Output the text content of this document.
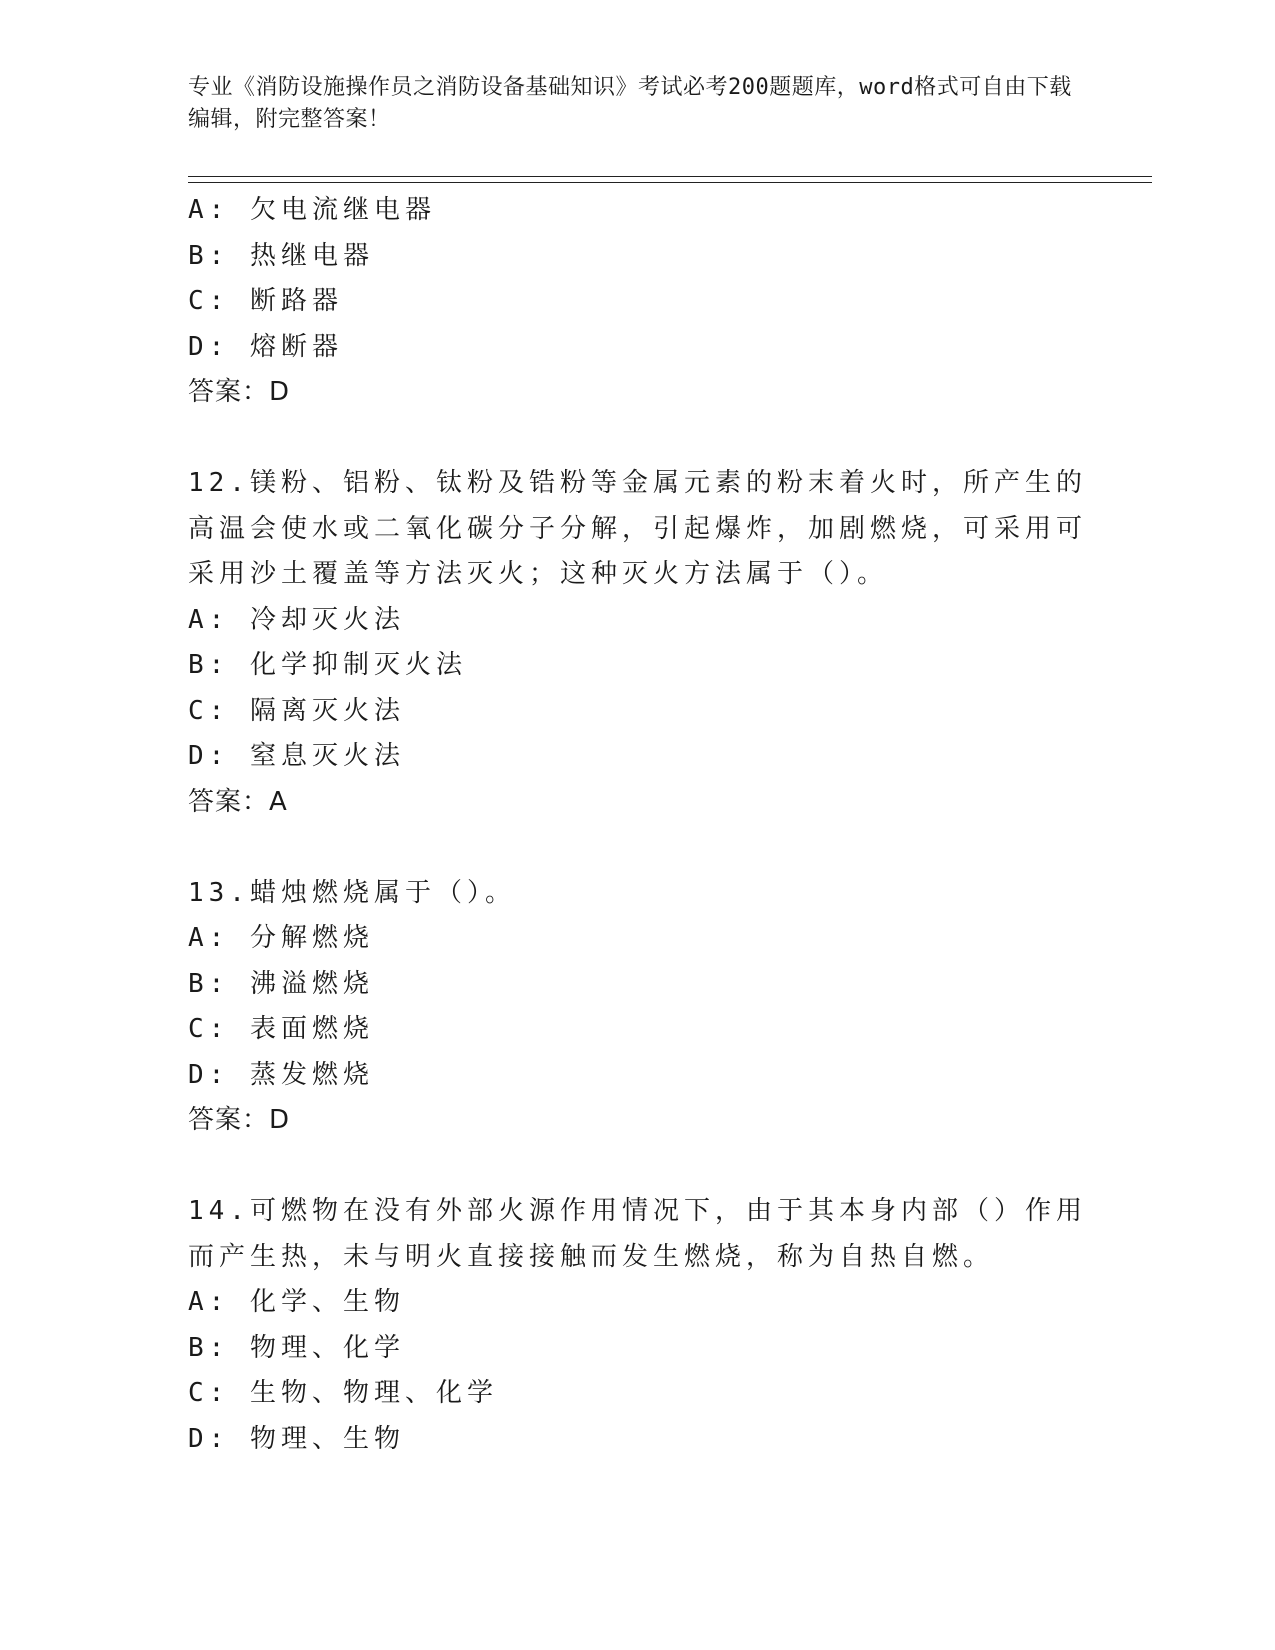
专业《消防设施操作员之消防设备基础知识》考试必考200题题库，word格式可自由下载编辑，附完整答案！
A: 欠电流继电器
B: 热继电器
C: 断路器
D: 熔断器
答案：D
12.镁粉、铝粉、钛粉及锆粉等金属元素的粉末着火时，所产生的高温会使水或二氧化碳分子分解，引起爆炸，加剧燃烧，可采用可采用沙土覆盖等方法灭火；这种灭火方法属于（）。
A: 冷却灭火法
B: 化学抑制灭火法
C: 隔离灭火法
D: 窒息灭火法
答案：A
13.蜡烛燃烧属于（）。
A: 分解燃烧
B: 沸溢燃烧
C: 表面燃烧
D: 蒸发燃烧
答案：D
14.可燃物在没有外部火源作用情况下，由于其本身内部（）作用而产生热，未与明火直接接触而发生燃烧，称为自热自燃。
A: 化学、生物
B: 物理、化学
C: 生物、物理、化学
D: 物理、生物
